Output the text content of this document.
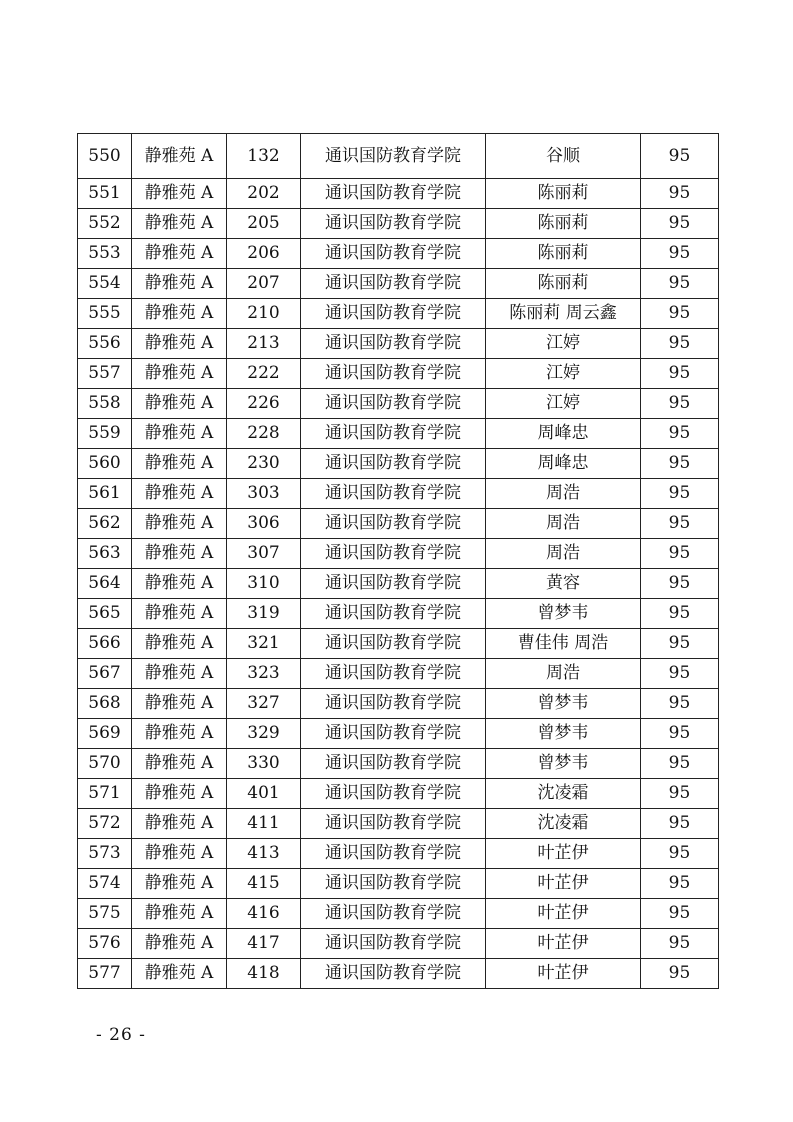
550	静雅苑 A	132	通识国防教育学院	谷顺	95
551	静雅苑 A	202	通识国防教育学院	陈丽莉	95
552	静雅苑 A	205	通识国防教育学院	陈丽莉	95
553	静雅苑 A	206	通识国防教育学院	陈丽莉	95
554	静雅苑 A	207	通识国防教育学院	陈丽莉	95
555	静雅苑 A	210	通识国防教育学院	陈丽莉 周云鑫	95
556	静雅苑 A	213	通识国防教育学院	江婷	95
557	静雅苑 A	222	通识国防教育学院	江婷	95
558	静雅苑 A	226	通识国防教育学院	江婷	95
559	静雅苑 A	228	通识国防教育学院	周峰忠	95
560	静雅苑 A	230	通识国防教育学院	周峰忠	95
561	静雅苑 A	303	通识国防教育学院	周浩	95
562	静雅苑 A	306	通识国防教育学院	周浩	95
563	静雅苑 A	307	通识国防教育学院	周浩	95
564	静雅苑 A	310	通识国防教育学院	黄容	95
565	静雅苑 A	319	通识国防教育学院	曾梦韦	95
566	静雅苑 A	321	通识国防教育学院	曹佳伟 周浩	95
567	静雅苑 A	323	通识国防教育学院	周浩	95
568	静雅苑 A	327	通识国防教育学院	曾梦韦	95
569	静雅苑 A	329	通识国防教育学院	曾梦韦	95
570	静雅苑 A	330	通识国防教育学院	曾梦韦	95
571	静雅苑 A	401	通识国防教育学院	沈凌霜	95
572	静雅苑 A	411	通识国防教育学院	沈凌霜	95
573	静雅苑 A	413	通识国防教育学院	叶芷伊	95
574	静雅苑 A	415	通识国防教育学院	叶芷伊	95
575	静雅苑 A	416	通识国防教育学院	叶芷伊	95
576	静雅苑 A	417	通识国防教育学院	叶芷伊	95
577	静雅苑 A	418	通识国防教育学院	叶芷伊	95
- 26 -
